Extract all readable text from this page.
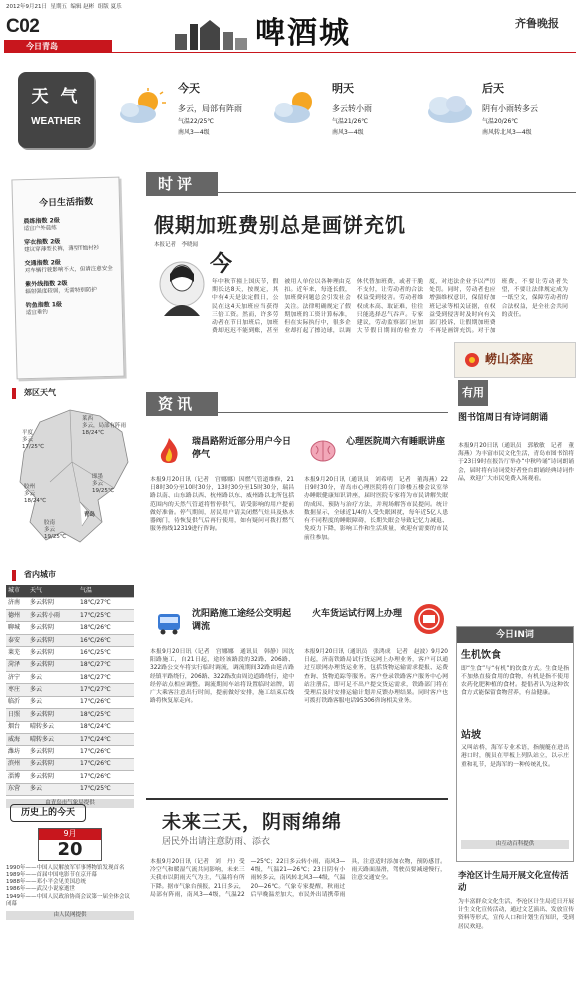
2012年9月21日 星期五 编辑 赵彬 组版 夏乐
C02
今日青岛	啤酒城	齐鲁晚报
天 气
WEATHER
今天
多云，局部有阵雨
气温22/25℃
南风3—4级
明天
多云转小雨
气温21/26℃
南风3—4级
后天
阴有小雨转多云
气温20/26℃
南风转北风3—4级
今日生活指数
晨练指数 2级
适宜户外晨练
穿衣指数 2级
建议穿薄型长裤，薄型T恤衬衫
交通指数 2级
对车辆行驶影响不大，但请注意安全
紫外线指数 2级
辐射强度较弱，无需特别防护
钓鱼指数 1级
适宜垂钓
郊区天气
平度
多云
17/25℃
莱西
多云，局部有阵雨
18/24℃
即墨
多云
19/25℃
胶州
多云
18/24℃
胶南
多云
19/25℃
青岛
省内城市
城市	天气	气温
济南	多云转阴	18℃/27℃
德州	多云转小雨	17℃/25℃
聊城	多云转阴	18℃/26℃
泰安	多云转阴	16℃/26℃
莱芜	多云转阴	16℃/25℃
菏泽	多云转阴	18℃/27℃
济宁	多云	18℃/27℃
枣庄	多云	17℃/27℃
临沂	多云	17℃/26℃
日照	多云转阴	18℃/25℃
烟台	晴转多云	18℃/24℃
威海	晴转多云	17℃/24℃
潍坊	多云转阴	17℃/26℃
滨州	多云转阴	17℃/26℃
淄博	多云转阴	17℃/26℃
东营	多云	17℃/25℃
由青岛市气象局提供
历史上的今天
9月
20
1990年——中国人民解放军军事博物馆发现首名
1989年——首届中国电影节在京开幕
1988年——邓小平会见美国总统
1986年——武汉小说家逝世
1949年——中国人民政治协商会议第一届全体会议闭幕
由人民网提供
时评
假期加班费别总是画饼充饥
本报记者　李晓闻
今
年中秋节撞上国庆节，假期长达8天，按规定，其中有4天是法定假日，公民在这4天加班应当获得三倍工资。然而，许多劳动者在节日加班后，加班费却迟迟不能到账，甚至被用人单位以各种理由克扣。近年来，每逢长假，加班费问题总会引发社会关注。法律明确规定了假期加班的工资计算标准，但在实际执行中，很多企业却打起了擦边球，以调休代替加班费，或者干脆不支付，让劳动者的合法权益受到侵害。劳动者维权成本高、取证难，往往只能选择忍气吞声。专家建议，劳动监察部门应加大节假日期间的检查力度，对违法企业予以严厉处罚。同时，劳动者也应增强维权意识，保留好加班记录等相关证据，在权益受到侵害时及时向有关部门投诉，让假期加班费不再是画饼充饥。对于加班费，不要让劳动者失望，不要让法律规定成为一纸空文，保障劳动者的合法权益，是全社会共同的责任。
资讯
瑞昌路附近部分用户今日停气
本报9月20日讯（记者　宫娜娜）因燃气管道维修，21日8时30分至10时30分，13时30分至15时30分，瑞昌路以南、山东路以西、杭州路以东、威州路以北所包括范围内的天然气管道将暂停供气，请受影响的用户提前做好准备。停气期间，居民用户请关闭燃气灶具及热水器阀门，待恢复供气后再行使用，如有疑问可拨打燃气服务热线12319进行咨询。
心理医院周六有睡眠讲座
本报9月20日讯（通讯员　刘希明　记者　董海燕）22日9时30分，青岛市心理医院将在门诊楼五楼会议室举办睡眠健康知识讲座，届时医院专家将为市民讲解失眠的成因、预防与治疗方法，并现场解答市民提问。统计数据显示，全球近1/4的人受失眠困扰，每年近5亿人患有不同程度的睡眠障碍，长期失眠会导致记忆力减退、免疫力下降，影响工作和生活质量，欢迎有需要的市民前往参加。
沈阳路施工途经公交明起调流
本报9月20日讯（记者　宫娜娜　通讯员　韩静）因沈阳路施工，自21日起，途经该路段的32路、206路、322路公交车将实行临时调流，调流期间32路由延吉路经镇平路绕行，206路、322路改由周边道路绕行，途中经停站点相应调整。调流期间车站将设置临时站牌，请广大乘客注意出行时间，提前做好安排，施工结束后线路将恢复原走向。
火车货运试行网上办理
本报9月20日讯（通讯员　张鸿成　记者　赵波）9月20日起，济南铁路局试行货运网上办理业务，客户可以通过互联网办理货运业务，包括货物运输需求提报、运费查询、货物追踪等服务。客户登录铁路客户服务中心网站注册后，即可足不出户提交货运需求，铁路部门将在受理后及时安排运输计划并反馈办理结果。同时客户也可拨打铁路客服电话95306咨询相关业务。
未来三天，阴雨绵绵
居民外出请注意防雨、添衣
本报9月20日讯（记者　刘　丹）受冷空气和暖湿气流共同影响，未来三天我市以阴雨天气为主，气温将有所下降。据市气象台预报，21日多云，局部有阵雨，南风3—4级，气温22—25℃；22日多云转小雨，南风3—4级，气温21—26℃；23日阴有小雨转多云，南风转北风3—4级，气温20—26℃。气象专家提醒，秋雨过后早晚温差加大，市民外出请携带雨具，注意适时添加衣物，预防感冒。雨天路面湿滑，驾驶员要减速慢行，注意交通安全。
崂山茶座
有用
图书馆周日有诗词朗诵
本报9月20日讯（通讯员　郭敏敏　记者　董海燕）为丰富市民文化生活，青岛市图书馆将于23日9时在报告厅举办“中秋吟诵”诗词朗诵会，届时将有诗词爱好者登台朗诵经典诗词作品，欢迎广大市民免费入场观看。
今日IN词
生机饮食
即“生食”与“有机”的饮食方式。生食是指不加热直接食用的食物，有机是指不使用农药化肥种植的食材。提倡者认为这种饮食方式能保留食物营养，有益健康。
站坡
又叫站桥，海军专业术语，指舰艇在进出港口时，舰员在甲板上列队站立，以示庄重和礼节，是海军的一种传统礼仪。
由互动百科提供
李沧区计生局开展文化宣传活动
为丰富群众文化生活，李沧区计生局近日开展计生文化宣传活动，通过文艺演出、发放宣传资料等形式，宣传人口和计划生育知识，受到居民欢迎。
